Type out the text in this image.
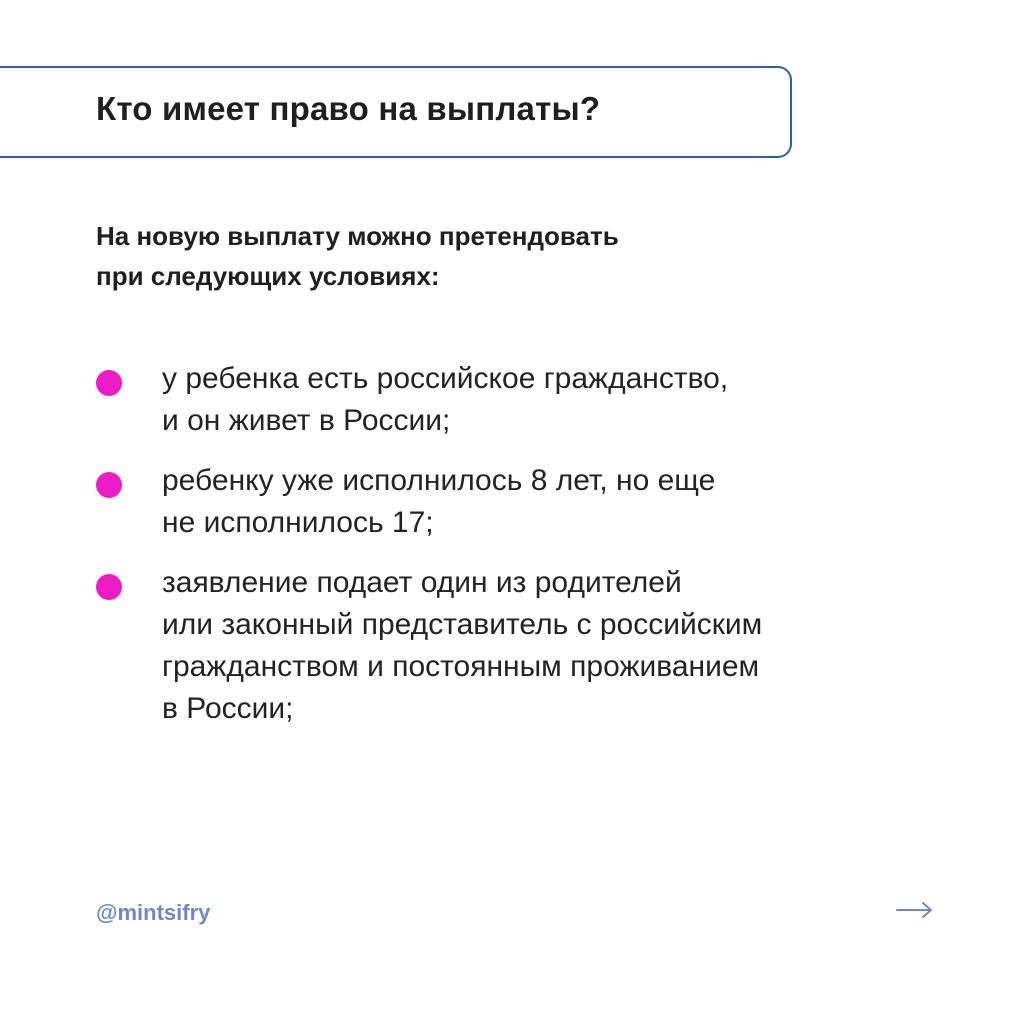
Кто имеет право на выплаты?
На новую выплату можно претендовать
при следующих условиях:
у ребенка есть российское гражданство,
и он живет в России;
ребенку уже исполнилось 8 лет, но еще
не исполнилось 17;
заявление подает один из родителей
или законный представитель с российским
гражданством и постоянным проживанием
в России;
@mintsifry
